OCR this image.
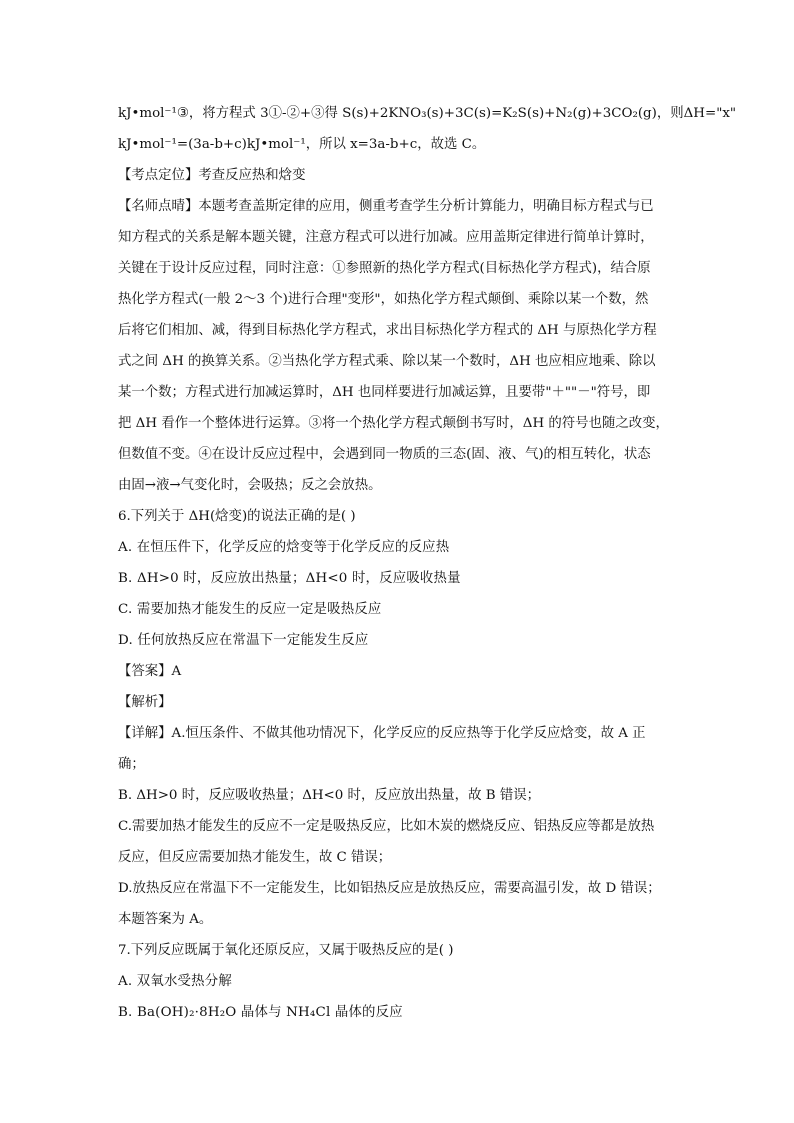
kJ•mol⁻¹③，将方程式 3①-②+③得 S(s)+2KNO₃(s)+3C(s)=K₂S(s)+N₂(g)+3CO₂(g)，则ΔH="x"
kJ•mol⁻¹=(3a-b+c)kJ•mol⁻¹，所以 x=3a-b+c，故选 C。
【考点定位】考查反应热和焓变
【名师点晴】本题考查盖斯定律的应用，侧重考查学生分析计算能力，明确目标方程式与已
知方程式的关系是解本题关键，注意方程式可以进行加减。应用盖斯定律进行简单计算时，
关键在于设计反应过程，同时注意：①参照新的热化学方程式(目标热化学方程式)，结合原
热化学方程式(一般 2～3 个)进行合理"变形"，如热化学方程式颠倒、乘除以某一个数，然
后将它们相加、减，得到目标热化学方程式，求出目标热化学方程式的 ΔH 与原热化学方程
式之间 ΔH 的换算关系。②当热化学方程式乘、除以某一个数时，ΔH 也应相应地乘、除以
某一个数；方程式进行加减运算时，ΔH 也同样要进行加减运算，且要带"＋""－"符号，即
把 ΔH 看作一个整体进行运算。③将一个热化学方程式颠倒书写时，ΔH 的符号也随之改变，
但数值不变。④在设计反应过程中，会遇到同一物质的三态(固、液、气)的相互转化，状态
由固→液→气变化时，会吸热；反之会放热。
6.下列关于 ΔH(焓变)的说法正确的是( )
A. 在恒压件下，化学反应的焓变等于化学反应的反应热
B. ΔH>0 时，反应放出热量；ΔH<0 时，反应吸收热量
C. 需要加热才能发生的反应一定是吸热反应
D. 任何放热反应在常温下一定能发生反应
【答案】A
【解析】
【详解】A.恒压条件、不做其他功情况下，化学反应的反应热等于化学反应焓变，故 A 正
确；
B. ΔH>0 时，反应吸收热量；ΔH<0 时，反应放出热量，故 B 错误；
C.需要加热才能发生的反应不一定是吸热反应，比如木炭的燃烧反应、铝热反应等都是放热
反应，但反应需要加热才能发生，故 C 错误；
D.放热反应在常温下不一定能发生，比如铝热反应是放热反应，需要高温引发，故 D 错误；
本题答案为 A。
7.下列反应既属于氧化还原反应，又属于吸热反应的是( )
A. 双氧水受热分解
B. Ba(OH)₂·8H₂O 晶体与 NH₄Cl 晶体的反应
